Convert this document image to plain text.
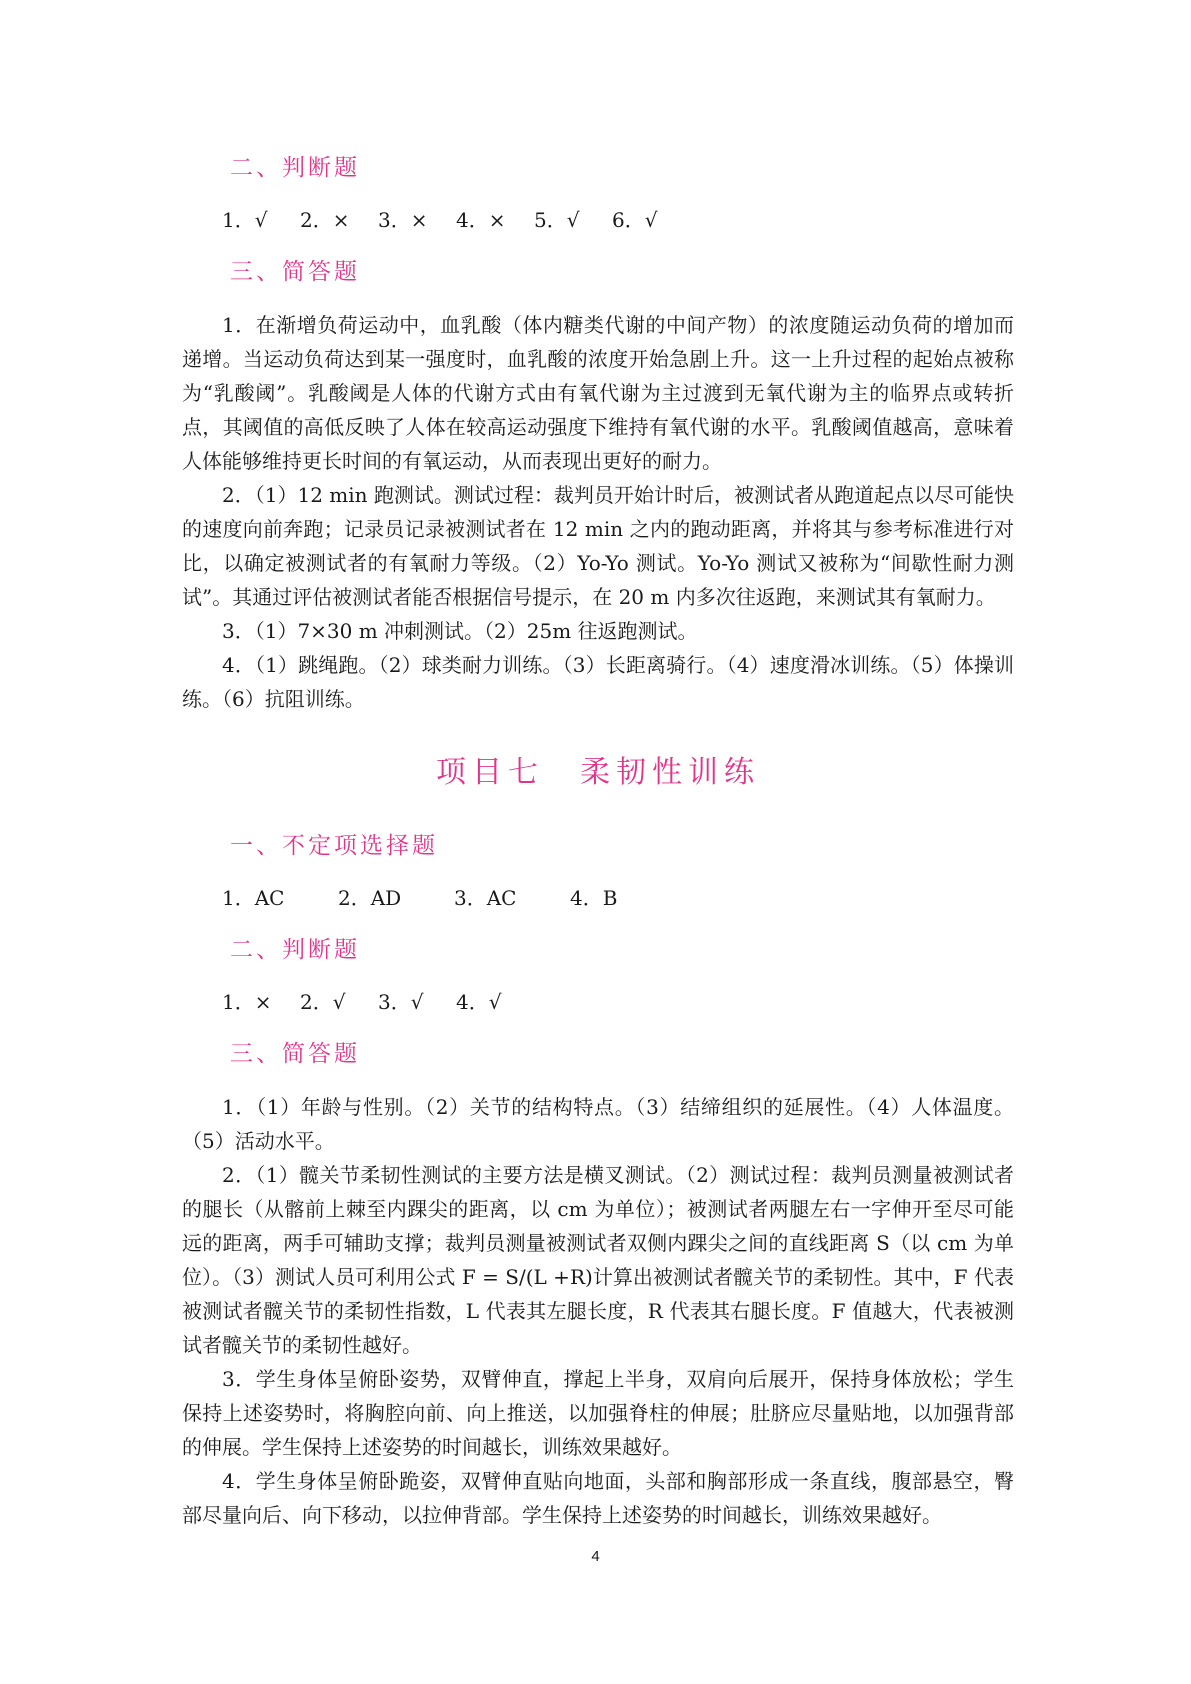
二、判断题
1．√	2．×	3．×	4．×	5．√	6．√
三、简答题

1．在渐增负荷运动中，血乳酸（体内糖类代谢的中间产物）的浓度随运动负荷的增加而递增。当运动负荷达到某一强度时，血乳酸的浓度开始急剧上升。这一上升过程的起始点被称为“乳酸阈”。乳酸阈是人体的代谢方式由有氧代谢为主过渡到无氧代谢为主的临界点或转折点，其阈值的高低反映了人体在较高运动强度下维持有氧代谢的水平。乳酸阈值越高，意味着人体能够维持更长时间的有氧运动，从而表现出更好的耐力。

2．（1）12 min 跑测试。测试过程：裁判员开始计时后，被测试者从跑道起点以尽可能快的速度向前奔跑；记录员记录被测试者在 12 min 之内的跑动距离，并将其与参考标准进行对比，以确定被测试者的有氧耐力等级。（2）Yo-Yo 测试。Yo-Yo 测试又被称为“间歇性耐力测试”。其通过评估被测试者能否根据信号提示，在 20 m 内多次往返跑，来测试其有氧耐力。

3．（1）7×30 m 冲刺测试。（2）25m 往返跑测试。

4．（1）跳绳跑。（2）球类耐力训练。（3）长距离骑行。（4）速度滑冰训练。（5）体操训练。（6）抗阻训练。

项目七　柔韧性训练
一、不定项选择题
1．AC	2．AD	3．AC	4．B
二、判断题
1．×	2．√	3．√	4．√
三、简答题

1．（1）年龄与性别。（2）关节的结构特点。（3）结缔组织的延展性。（4）人体温度。（5）活动水平。

2．（1）髋关节柔韧性测试的主要方法是横叉测试。（2）测试过程：裁判员测量被测试者的腿长（从髂前上棘至内踝尖的距离，以 cm 为单位）；被测试者两腿左右一字伸开至尽可能远的距离，两手可辅助支撑；裁判员测量被测试者双侧内踝尖之间的直线距离 S（以 cm 为单位）。（3）测试人员可利用公式 F = S/(L +R)计算出被测试者髋关节的柔韧性。其中，F 代表被测试者髋关节的柔韧性指数，L 代表其左腿长度，R 代表其右腿长度。F 值越大，代表被测试者髋关节的柔韧性越好。

3．学生身体呈俯卧姿势，双臂伸直，撑起上半身，双肩向后展开，保持身体放松；学生保持上述姿势时，将胸腔向前、向上推送，以加强脊柱的伸展；肚脐应尽量贴地，以加强背部的伸展。学生保持上述姿势的时间越长，训练效果越好。

4．学生身体呈俯卧跪姿，双臂伸直贴向地面，头部和胸部形成一条直线，腹部悬空，臀部尽量向后、向下移动，以拉伸背部。学生保持上述姿势的时间越长，训练效果越好。

4
